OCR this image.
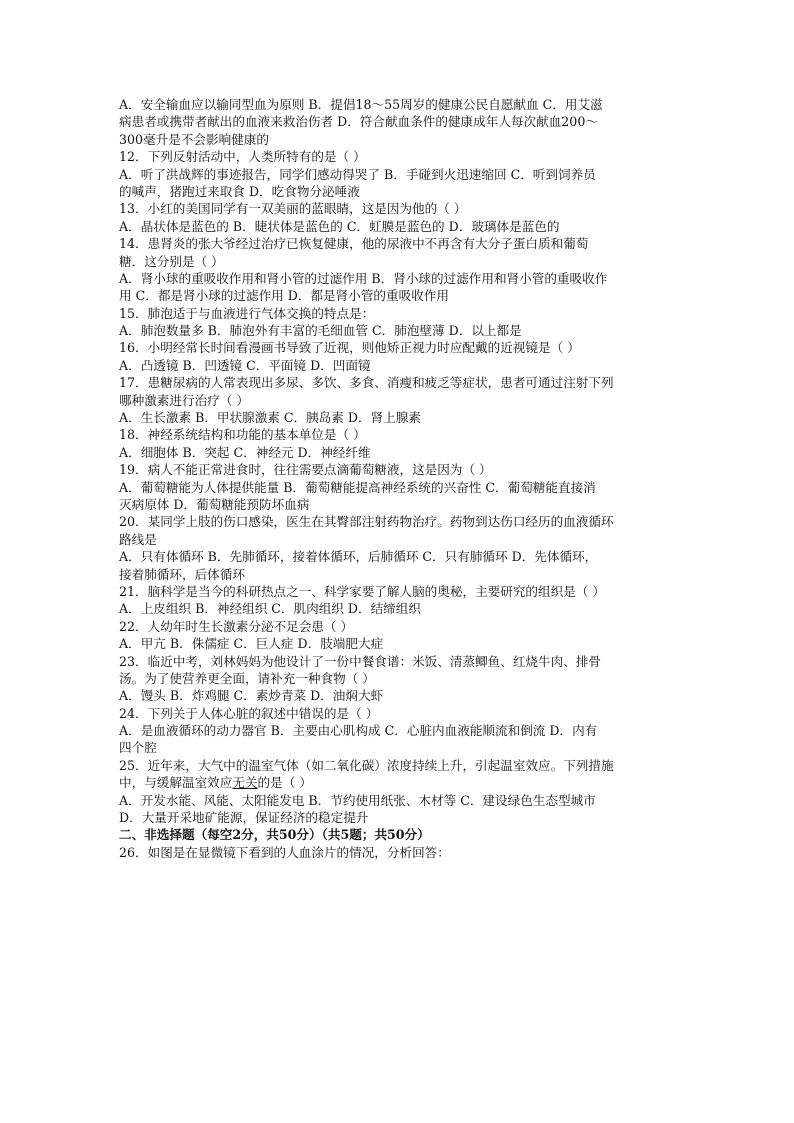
A．安全输血应以输同型血为原则 B．提倡18～55周岁的健康公民自愿献血 C．用艾滋
病患者或携带者献出的血液来救治伤者 D．符合献血条件的健康成年人每次献血200～
300毫升是不会影响健康的
12．下列反射活动中，人类所特有的是（ ）
A．听了洪战辉的事迹报告，同学们感动得哭了 B．手碰到火迅速缩回 C．听到饲养员
的喊声，猪跑过来取食 D．吃食物分泌唾液
13．小红的美国同学有一双美丽的蓝眼睛，这是因为他的（ ）
A．晶状体是蓝色的 B．睫状体是蓝色的 C．虹膜是蓝色的 D．玻璃体是蓝色的
14．患肾炎的张大爷经过治疗已恢复健康，他的尿液中不再含有大分子蛋白质和葡萄
糖．这分别是（ ）
A．肾小球的重吸收作用和肾小管的过滤作用 B．肾小球的过滤作用和肾小管的重吸收作
用 C．都是肾小球的过滤作用 D．都是肾小管的重吸收作用
15．肺泡适于与血液进行气体交换的特点是：
A．肺泡数量多 B．肺泡外有丰富的毛细血管 C．肺泡壁薄 D．以上都是
16．小明经常长时间看漫画书导致了近视，则他矫正视力时应配戴的近视镜是（ ）
A．凸透镜 B．凹透镜 C．平面镜 D．凹面镜
17．患糖尿病的人常表现出多尿、多饮、多食、消瘦和疲乏等症状，患者可通过注射下列
哪种激素进行治疗（ ）
A．生长激素 B．甲状腺激素 C．胰岛素 D．肾上腺素
18．神经系统结构和功能的基本单位是（ ）
A．细胞体 B．突起 C．神经元 D．神经纤维
19．病人不能正常进食时，往往需要点滴葡萄糖液，这是因为（ ）
A．葡萄糖能为人体提供能量 B．葡萄糖能提高神经系统的兴奋性 C．葡萄糖能直接消
灭病原体 D．葡萄糖能预防坏血病
20．某同学上肢的伤口感染，医生在其臀部注射药物治疗。药物到达伤口经历的血液循环
路线是
A．只有体循环 B．先肺循环，接着体循环，后肺循环 C．只有肺循环 D．先体循环，
接着肺循环，后体循环
21．脑科学是当今的科研热点之一、科学家要了解人脑的奥秘，主要研究的组织是（ ）
A．上皮组织 B．神经组织 C．肌肉组织 D．结缔组织
22．人幼年时生长激素分泌不足会患（ ）
A．甲亢 B．侏儒症 C．巨人症 D．肢端肥大症
23．临近中考，刘林妈妈为他设计了一份中餐食谱：米饭、清蒸鲫鱼、红烧牛肉、排骨
汤。为了使营养更全面，请补充一种食物（ ）
A．馒头 B．炸鸡腿 C．素炒青菜 D．油焖大虾
24．下列关于人体心脏的叙述中错误的是（ ）
A．是血液循环的动力器官 B．主要由心肌构成 C．心脏内血液能顺流和倒流 D．内有
四个腔
25．近年来，大气中的温室气体（如二氧化碳）浓度持续上升，引起温室效应。下列措施
中，与缓解温室效应无关的是（ ）
A．开发水能、风能、太阳能发电 B．节约使用纸张、木材等 C．建设绿色生态型城市
D．大量开采地矿能源，保证经济的稳定提升
二、非选择题（每空2分，共50分）（共5题；共50分）
26．如图是在显微镜下看到的人血涂片的情况，分析回答：
